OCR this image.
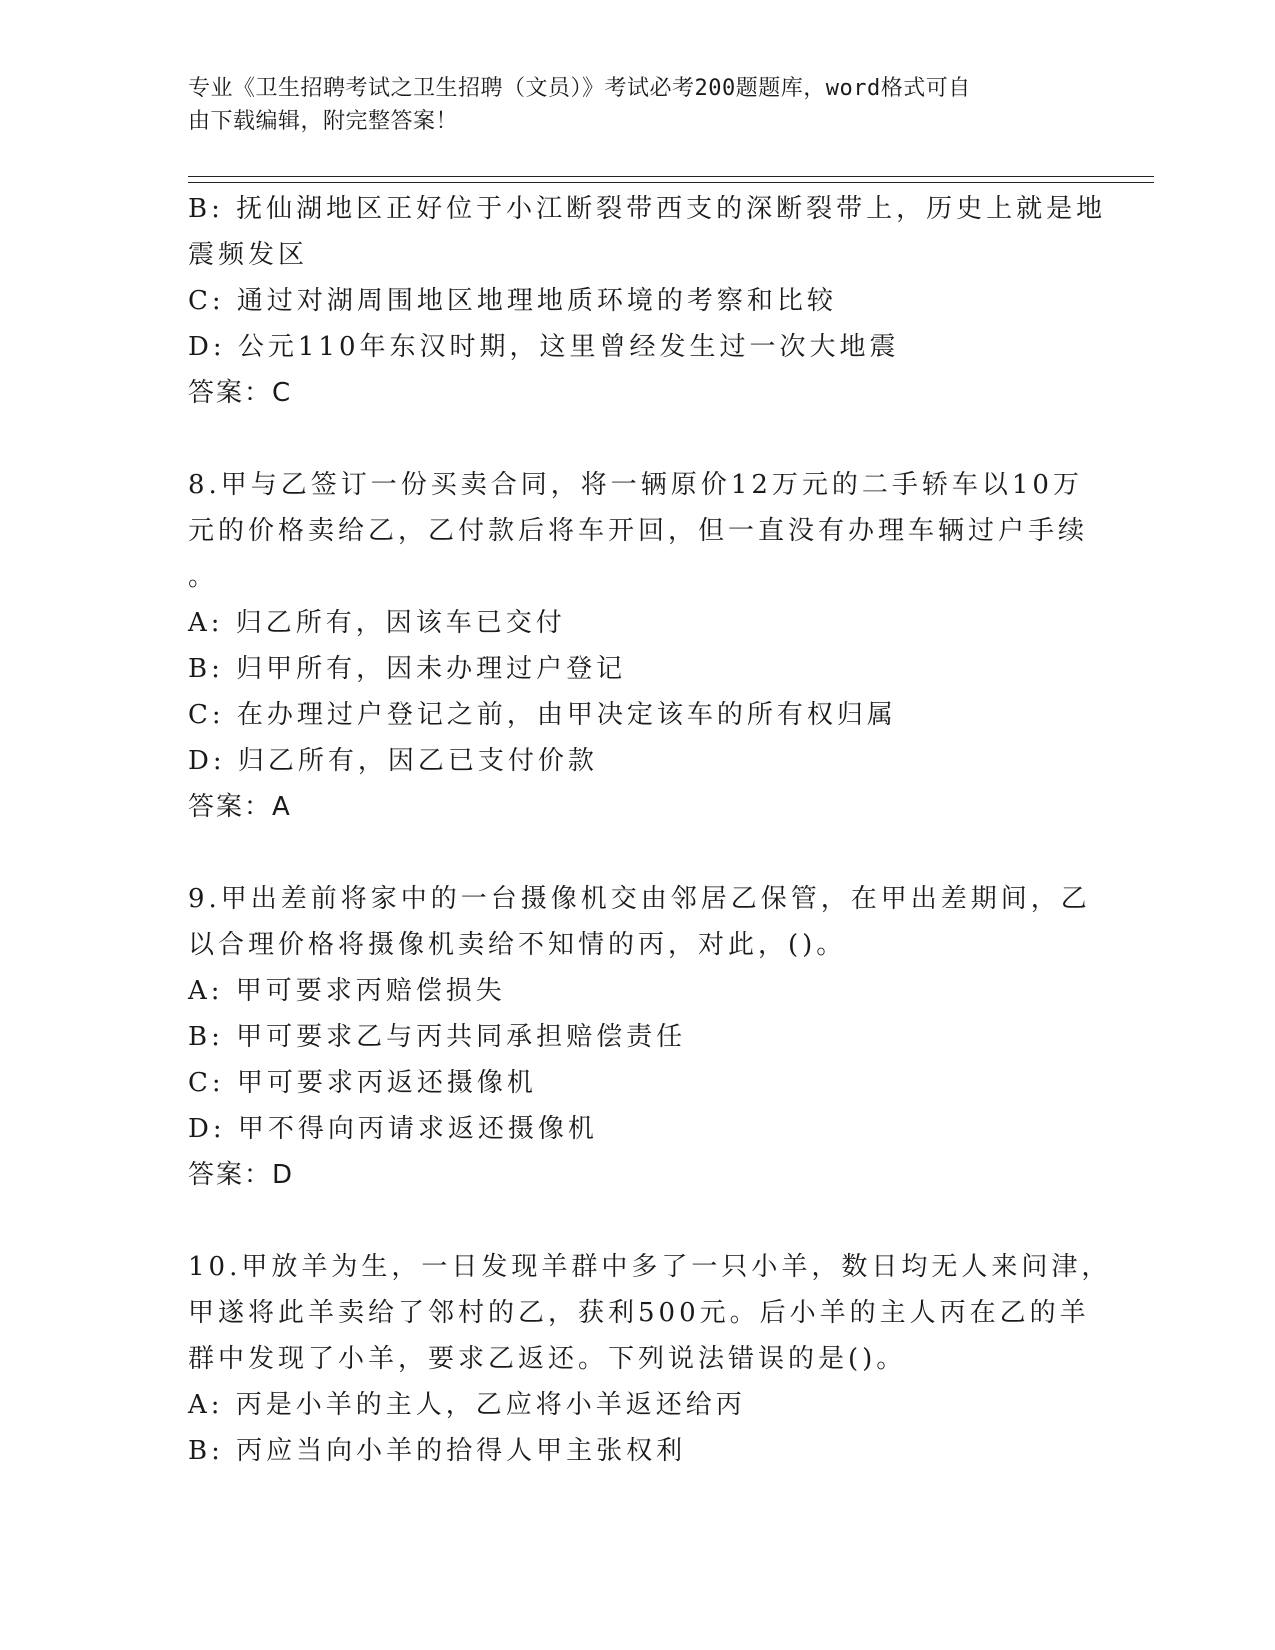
专业《卫生招聘考试之卫生招聘（文员）》考试必考200题题库，word格式可自
由下载编辑，附完整答案！
B: 抚仙湖地区正好位于小江断裂带西支的深断裂带上，历史上就是地
震频发区
C: 通过对湖周围地区地理地质环境的考察和比较
D: 公元110年东汉时期，这里曾经发生过一次大地震
答案：C
8.甲与乙签订一份买卖合同，将一辆原价12万元的二手轿车以10万
元的价格卖给乙，乙付款后将车开回，但一直没有办理车辆过户手续
。
A: 归乙所有，因该车已交付
B: 归甲所有，因未办理过户登记
C: 在办理过户登记之前，由甲决定该车的所有权归属
D: 归乙所有，因乙已支付价款
答案：A
9.甲出差前将家中的一台摄像机交由邻居乙保管，在甲出差期间，乙
以合理价格将摄像机卖给不知情的丙，对此，()。
A: 甲可要求丙赔偿损失
B: 甲可要求乙与丙共同承担赔偿责任
C: 甲可要求丙返还摄像机
D: 甲不得向丙请求返还摄像机
答案：D
10.甲放羊为生，一日发现羊群中多了一只小羊，数日均无人来问津，
甲遂将此羊卖给了邻村的乙，获利500元。后小羊的主人丙在乙的羊
群中发现了小羊，要求乙返还。下列说法错误的是()。
A: 丙是小羊的主人，乙应将小羊返还给丙
B: 丙应当向小羊的拾得人甲主张权利
